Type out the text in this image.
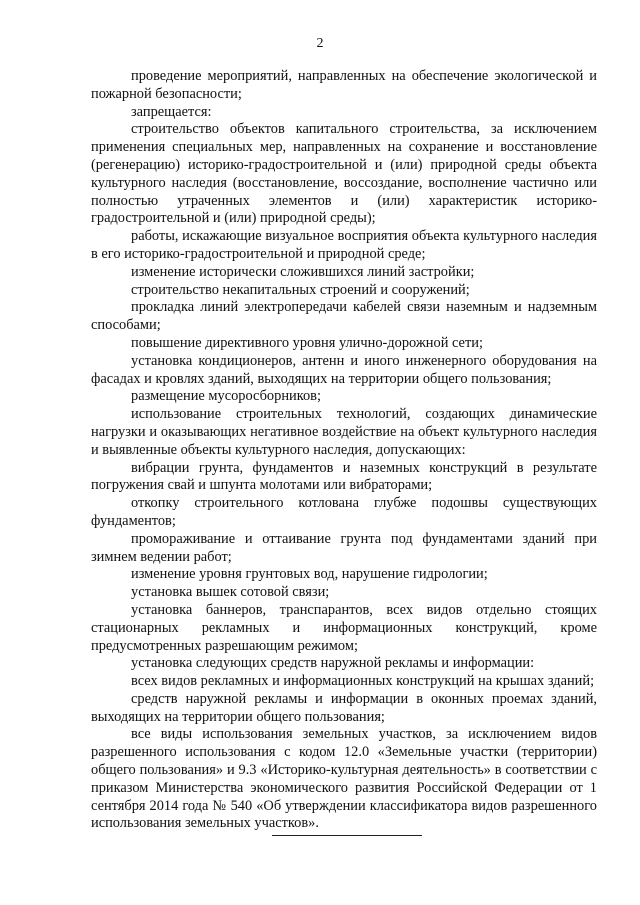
2

проведение мероприятий, направленных на обеспечение экологической и пожарной безопасности;

запрещается:

строительство объектов капитального строительства, за исключением применения специальных мер, направленных на сохранение и восстановление (регенерацию) историко-градостроительной и (или) природной среды объекта культурного наследия (восстановление, воссоздание, восполнение частично или полностью утраченных элементов и (или) характеристик историко-градостроительной и (или) природной среды);

работы, искажающие визуальное восприятия объекта культурного наследия в его историко-градостроительной и природной среде;

изменение исторически сложившихся линий застройки;

строительство некапитальных строений и сооружений;

прокладка линий электропередачи кабелей связи наземным и надземным способами;

повышение директивного уровня улично-дорожной сети;

установка кондиционеров, антенн и иного инженерного оборудования на фасадах и кровлях зданий, выходящих на территории общего пользования;

размещение мусоросборников;

использование строительных технологий, создающих динамические нагрузки и оказывающих негативное воздействие на объект культурного наследия и выявленные объекты культурного наследия, допускающих:

вибрации грунта, фундаментов и наземных конструкций в результате погружения свай и шпунта молотами или вибраторами;

откопку строительного котлована глубже подошвы существующих фундаментов;

проморaживание и оттаивание грунта под фундаментами зданий при зимнем ведении работ;

изменение уровня грунтовых вод, нарушение гидрологии;

установка вышек сотовой связи;

установка баннеров, транспарантов, всех видов отдельно стоящих стационарных рекламных и информационных конструкций, кроме предусмотренных разрешающим режимом;

установка следующих средств наружной рекламы и информации:

всех видов рекламных и информационных конструкций на крышах зданий;

средств наружной рекламы и информации в оконных проемах зданий, выходящих на территории общего пользования;

все виды использования земельных участков, за исключением видов разрешенного использования с кодом 12.0 «Земельные участки (территории) общего пользования» и 9.3 «Историко-культурная деятельность» в соответствии с приказом Министерства экономического развития Российской Федерации от 1 сентября 2014 года № 540 «Об утверждении классификатора видов разрешенного использования земельных участков».
